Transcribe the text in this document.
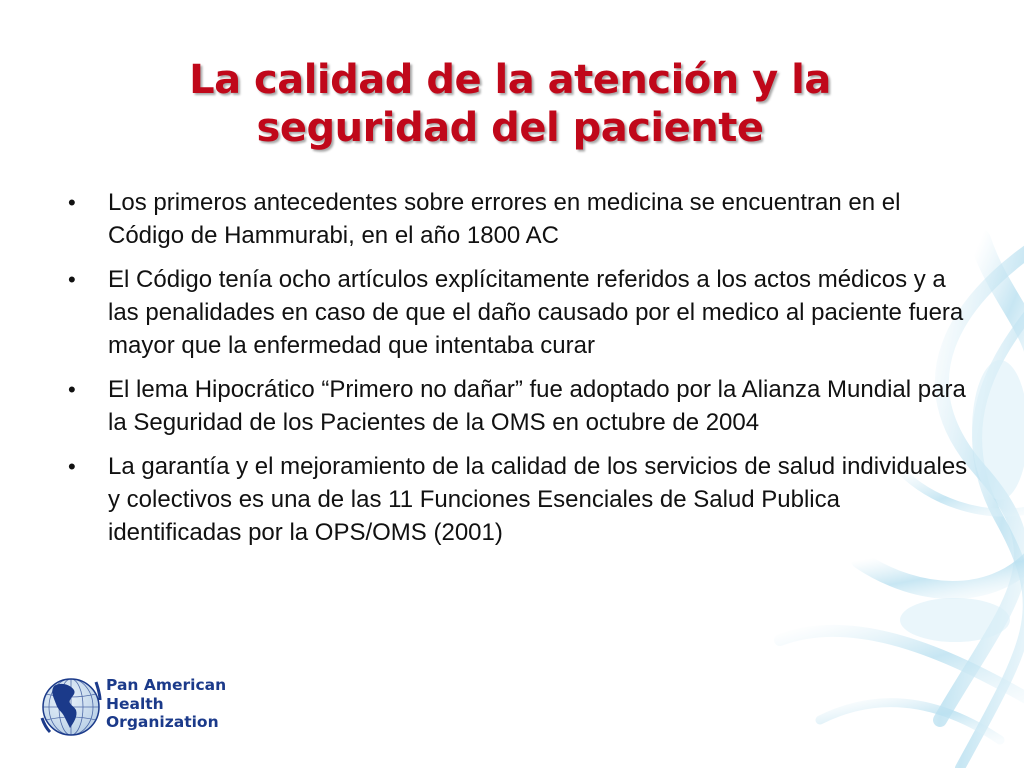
La calidad de la atención y la seguridad del paciente
• Los primeros antecedentes sobre errores en medicina se encuentran en el Código de Hammurabi, en el año 1800 AC
• El Código tenía ocho artículos explícitamente referidos a los actos médicos y a las penalidades en caso de que el daño causado por el medico al paciente fuera mayor que la enfermedad que intentaba curar
• El lema Hipocrático “Primero no dañar” fue adoptado por la Alianza Mundial para la Seguridad de los Pacientes de la OMS en octubre de 2004
• La garantía y el mejoramiento de la calidad de los servicios de salud individuales y colectivos es una de las 11 Funciones Esenciales de Salud Publica identificadas por la OPS/OMS (2001)
Pan American
Health
Organization
